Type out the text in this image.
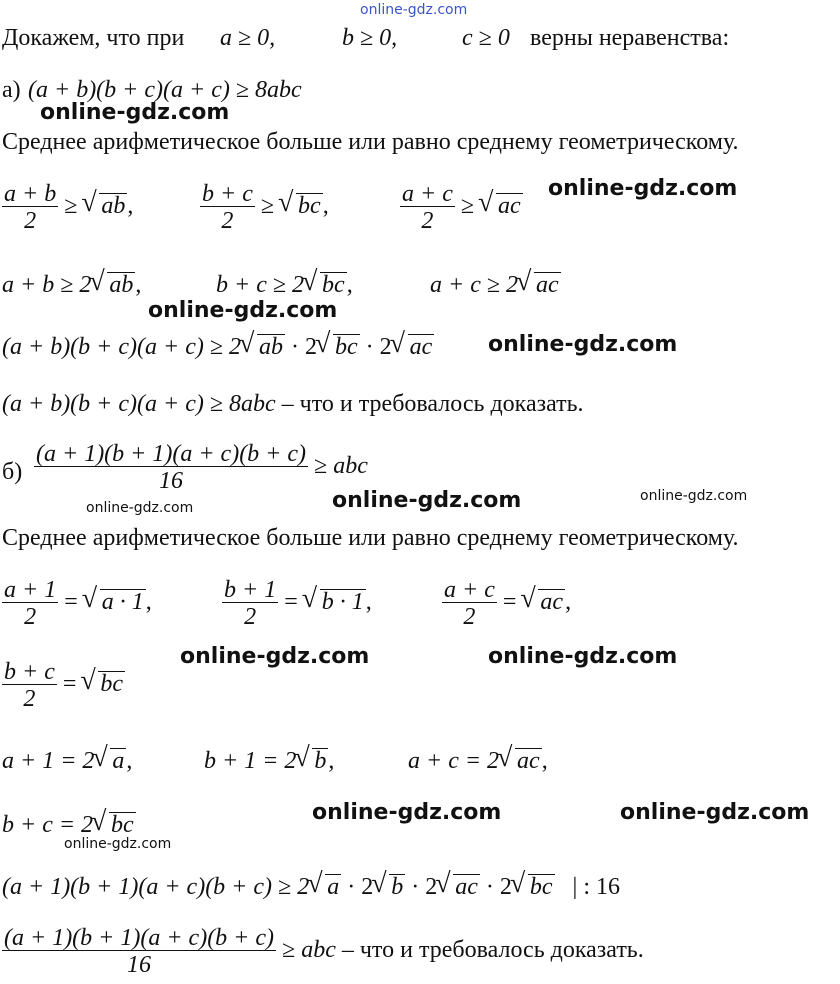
online-gdz.com
Докажем, что при a ≥ 0,	b ≥ 0,	c ≥ 0 верны неравенства:
а) (a + b)(b + c)(a + c) ≥ 8abc
online-gdz.com
Среднее арифметическое больше или равно среднему геометрическому.
$\frac{a + b}{2}$ ≥ √ ab,	$\frac{b + c}{2}$ ≥ √ bc,	$\frac{a + c}{2}$ ≥ √ ac
online-gdz.com
a + b ≥ 2 √ ab,	b + c ≥ 2 √ bc,	a + c ≥ 2 √ ac
online-gdz.com
(a + b)(b + c)(a + c) ≥ 2 √ ab · 2 √ bc · 2 √ ac	online-gdz.com
(a + b)(b + c)(a + c) ≥ 8abc – что и требовалось доказать.
$б) \frac{(a + 1)(b + 1)(a + c)(b + c)}{16}$ ≥ abc
online-gdz.com	online-gdz.com	online-gdz.com
Среднее арифметическое больше или равно среднему геометрическому.
$\frac{a + 1}{2}$ = √ a · 1,	$\frac{b + 1}{2}$ = √ b · 1,	$\frac{a + c}{2}$ = √ ac,
$\frac{b + c}{2}$ = √ bc
online-gdz.com	online-gdz.com
a + 1 = 2 √ a,	b + 1 = 2 √ b,	a + c = 2 √ ac,
b + c = 2 √ bc	online-gdz.com	online-gdz.com
online-gdz.com
(a + 1)(b + 1)(a + c)(b + c) ≥ 2 √ a · 2 √ b · 2 √ ac · 2 √ bc | : 16
$\frac{(a + 1)(b + 1)(a + c)(b + c)}{16}$ ≥ abc – что и требовалось доказать.
